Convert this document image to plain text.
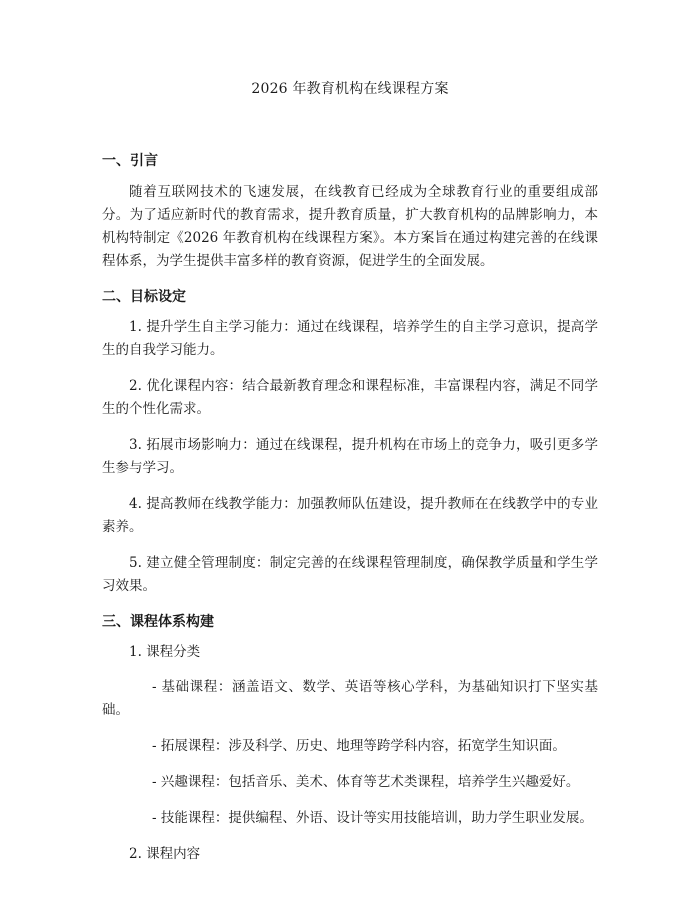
2026 年教育机构在线课程方案
一、引言

随着互联网技术的飞速发展，在线教育已经成为全球教育行业的重要组成部分。为了适应新时代的教育需求，提升教育质量，扩大教育机构的品牌影响力，本机构特制定《2026 年教育机构在线课程方案》。本方案旨在通过构建完善的在线课程体系，为学生提供丰富多样的教育资源，促进学生的全面发展。

二、目标设定

1. 提升学生自主学习能力：通过在线课程，培养学生的自主学习意识，提高学生的自我学习能力。

2. 优化课程内容：结合最新教育理念和课程标准，丰富课程内容，满足不同学生的个性化需求。

3. 拓展市场影响力：通过在线课程，提升机构在市场上的竞争力，吸引更多学生参与学习。

4. 提高教师在线教学能力：加强教师队伍建设，提升教师在在线教学中的专业素养。

5. 建立健全管理制度：制定完善的在线课程管理制度，确保教学质量和学生学习效果。

三、课程体系构建

1. 课程分类

- 基础课程：涵盖语文、数学、英语等核心学科，为基础知识打下坚实基础。

- 拓展课程：涉及科学、历史、地理等跨学科内容，拓宽学生知识面。

- 兴趣课程：包括音乐、美术、体育等艺术类课程，培养学生兴趣爱好。

- 技能课程：提供编程、外语、设计等实用技能培训，助力学生职业发展。

2. 课程内容
